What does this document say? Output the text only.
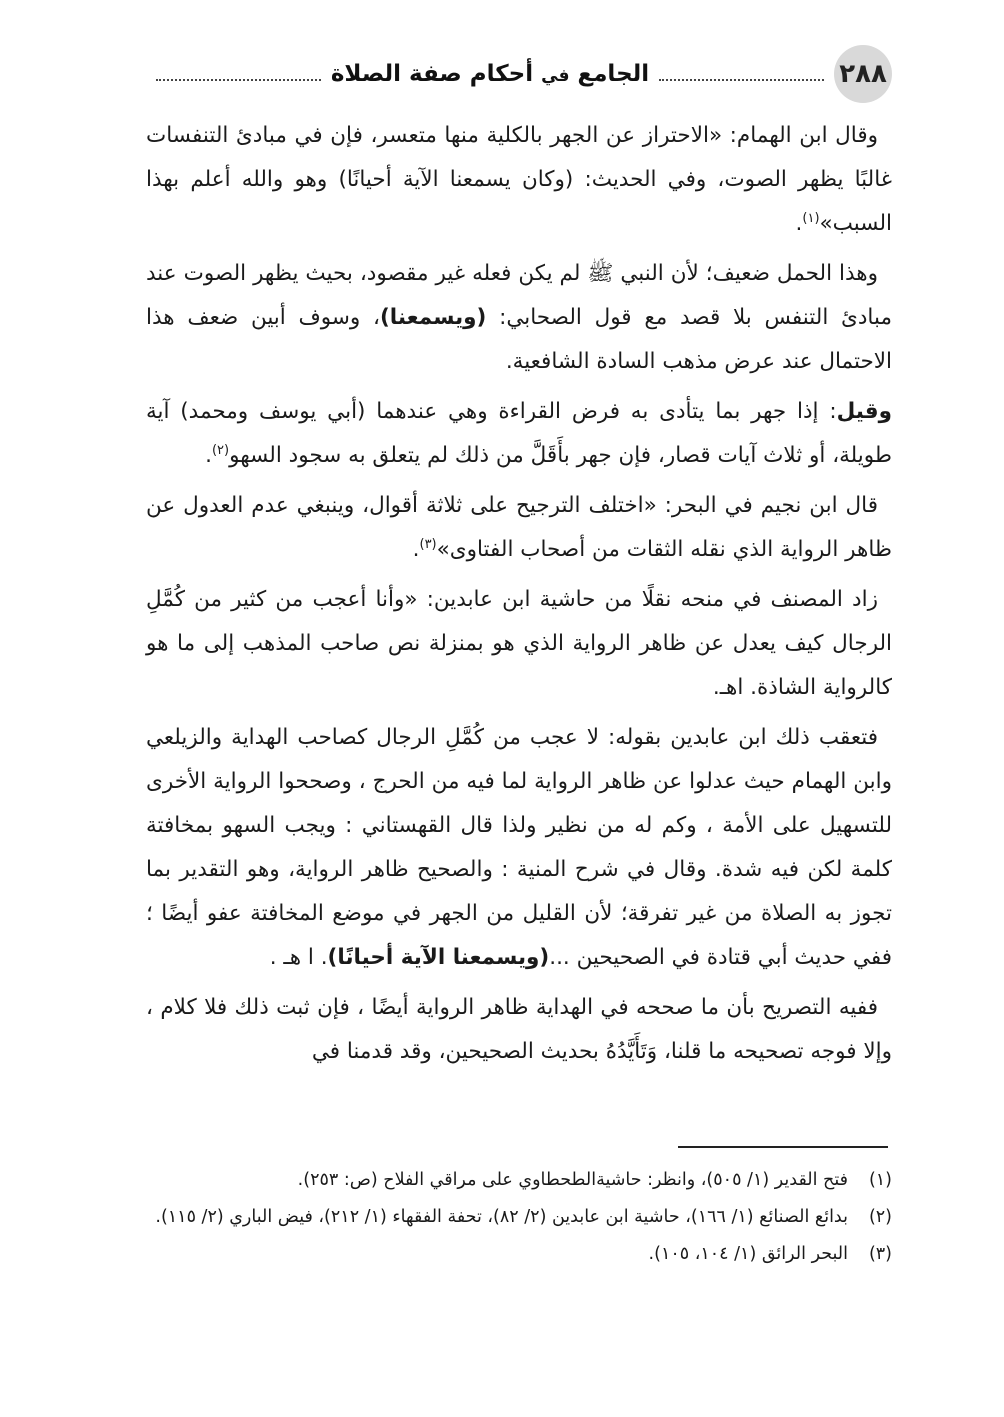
٢٨٨
الجامع في أحكام صفة الصلاة

وقال ابن الهمام: «الاحتراز عن الجهر بالكلية منها متعسر، فإن في مبادئ التنفسات غالبًا يظهر الصوت، وفي الحديث: (وكان يسمعنا الآية أحيانًا) وهو والله أعلم بهذا السبب»$^{(١)}$.

وهذا الحمل ضعيف؛ لأن النبي ﷺ لم يكن فعله غير مقصود، بحيث يظهر الصوت عند مبادئ التنفس بلا قصد مع قول الصحابي: (ويسمعنا)، وسوف أبين ضعف هذا الاحتمال عند عرض مذهب السادة الشافعية.

وقيل: إذا جهر بما يتأدى به فرض القراءة وهي عندهما (أبي يوسف ومحمد) آية طويلة، أو ثلاث آيات قصار، فإن جهر بأَقَلَّ من ذلك لم يتعلق به سجود السهو$^{(٢)}$.

قال ابن نجيم في البحر: «اختلف الترجيح على ثلاثة أقوال، وينبغي عدم العدول عن ظاهر الرواية الذي نقله الثقات من أصحاب الفتاوى»$^{(٣)}$.

زاد المصنف في منحه نقلًا من حاشية ابن عابدين: «وأنا أعجب من كثير من كُمَّلِ الرجال كيف يعدل عن ظاهر الرواية الذي هو بمنزلة نص صاحب المذهب إلى ما هو كالرواية الشاذة. اهـ.

فتعقب ذلك ابن عابدين بقوله: لا عجب من كُمَّلِ الرجال كصاحب الهداية والزيلعي وابن الهمام حيث عدلوا عن ظاهر الرواية لما فيه من الحرج ، وصححوا الرواية الأخرى للتسهيل على الأمة ، وكم له من نظير ولذا قال القهستاني : ويجب السهو بمخافتة كلمة لكن فيه شدة. وقال في شرح المنية : والصحيح ظاهر الرواية، وهو التقدير بما تجوز به الصلاة من غير تفرقة؛ لأن القليل من الجهر في موضع المخافتة عفو أيضًا ؛ ففي حديث أبي قتادة في الصحيحين ...(ويسمعنا الآية أحيانًا). ا هـ .

ففيه التصريح بأن ما صححه في الهداية ظاهر الرواية أيضًا ، فإن ثبت ذلك فلا كلام ، وإلا فوجه تصحيحه ما قلنا، وَتَأَيَّدُهُ بحديث الصحيحين، وقد قدمنا في

(١)
فتح القدير (١/ ٥٠٥)، وانظر: حاشيةالطحطاوي على مراقي الفلاح (ص: ٢٥٣).
(٢)
بدائع الصنائع (١/ ١٦٦)، حاشية ابن عابدين (٢/ ٨٢)، تحفة الفقهاء (١/ ٢١٢)، فيض الباري (٢/ ١١٥).
(٣)
البحر الرائق (١/ ١٠٤، ١٠٥).
